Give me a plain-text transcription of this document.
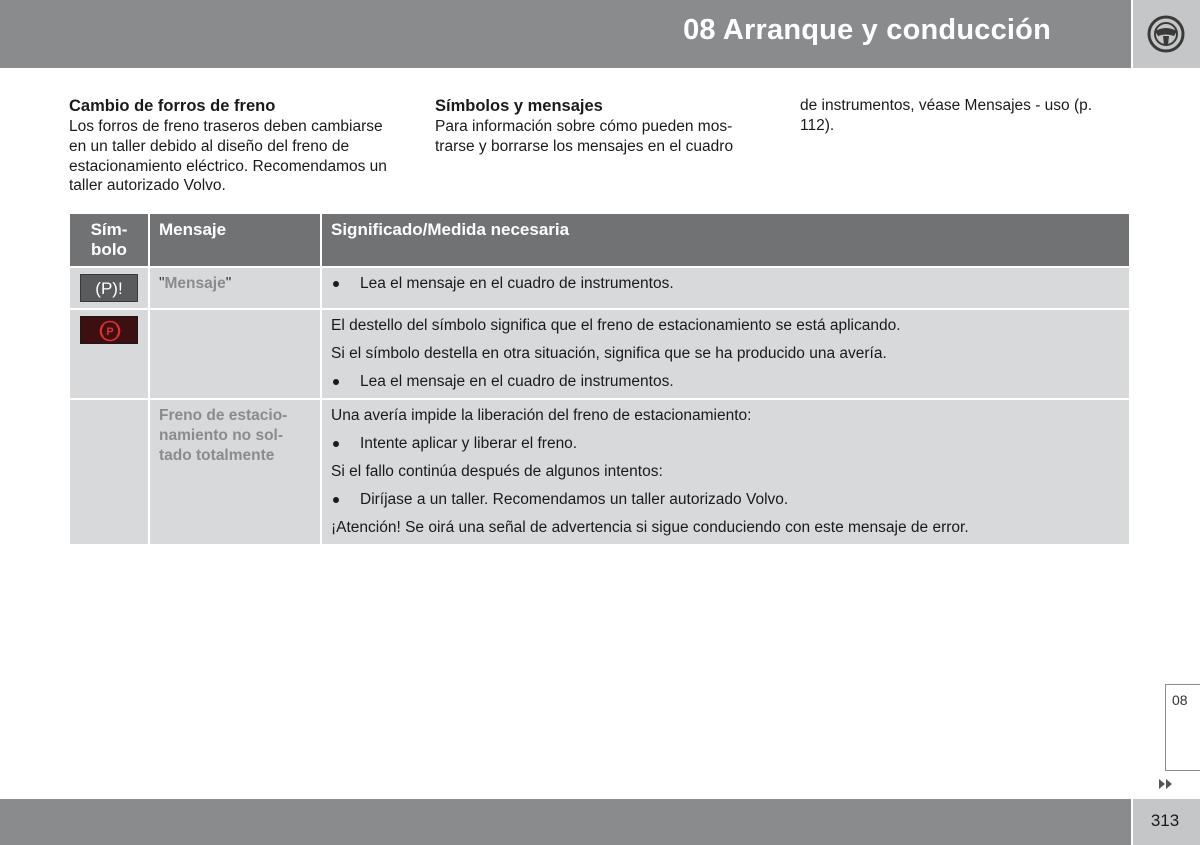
08 Arranque y conducción
Cambio de forros de freno

Los forros de freno traseros deben cambiarse en un taller debido al diseño del freno de estacionamiento eléctrico. Recomendamos un taller autorizado Volvo.

Símbolos y mensajes

Para información sobre cómo pueden mos-trarse y borrarse los mensajes en el cuadro

de instrumentos, véase Mensajes - uso (p. 112).

Sím-bolo	Mensaje	Significado/Medida necesaria
(P)!	"Mensaje"	Lea el mensaje en el cuadro de instrumentos.

P		El destello del símbolo significa que el freno de estacionamiento se está aplicando.
Si el símbolo destella en otra situación, significa que se ha producido una avería.
Lea el mensaje en el cuadro de instrumentos.

	Freno de estacio-namiento no sol-tado totalmente	Una avería impide la liberación del freno de estacionamiento:
Intente aplicar y liberar el freno.
Si el fallo continúa después de algunos intentos:
Diríjase a un taller. Recomendamos un taller autorizado Volvo.
¡Atención! Se oirá una señal de advertencia si sigue conduciendo con este mensaje de error.
08
313
